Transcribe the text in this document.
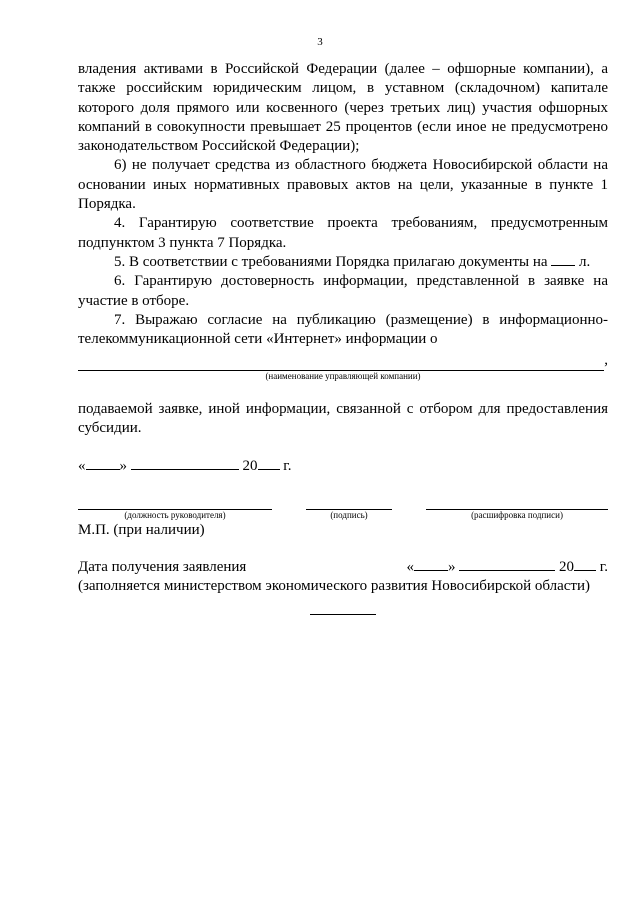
3

владения активами в Российской Федерации (далее – офшорные компании), а также российским юридическим лицом, в уставном (складочном) капитале которого доля прямого или косвенного (через третьих лиц) участия офшорных компаний в совокупности превышает 25 процентов (если иное не предусмотрено законодательством Российской Федерации);

6) не получает средства из областного бюджета Новосибирской области на основании иных нормативных правовых актов на цели, указанные в пункте 1 Порядка.

4. Гарантирую соответствие проекта требованиям, предусмотренным подпунктом 3 пункта 7 Порядка.

5. В соответствии с требованиями Порядка прилагаю документы на л.

6. Гарантирую достоверность информации, представленной в заявке на участие в отборе.

7. Выражаю согласие на публикацию (размещение) в информационно-телекоммуникационной сети «Интернет» информации о

,
(наименование управляющей компании)

подаваемой заявке, иной информации, связанной с отбором для предоставления субсидии.

« »	20 г.
(должность руководителя)	(подпись)	(расшифровка подписи)
М.П. (при наличии)
Дата получения заявления	« »	20 г.
(заполняется министерством экономического развития Новосибирской области)
